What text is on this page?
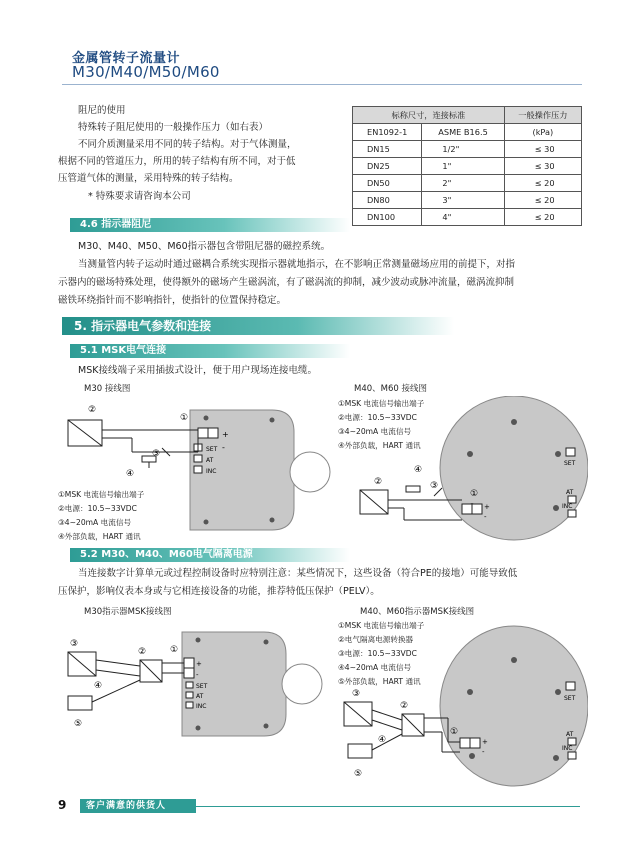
金属管转子流量计
M30/M40/M50/M60
阻尼的使用
特殊转子阻尼使用的一般操作压力（如右表）
不同介质测量采用不同的转子结构。对于气体测量，
根据不同的管道压力，所用的转子结构有所不同，对于低
压管道气体的测量，采用特殊的转子结构。
* 特殊要求请咨询本公司
标称尺寸，连接标准		一般操作压力
EN1092-1	ASME B16.5	(kPa)
DN15	1/2"	≤ 30
DN25	1"	≤ 30
DN50	2"	≤ 20
DN80	3"	≤ 20
DN100	4"	≤ 20
4.6 指示器阻尼
M30、M40、M50、M60指示器包含带阻尼器的磁控系统。
当测量管内转子运动时通过磁耦合系统实现指示器就地指示，在不影响正常测量磁场应用的前提下，对指
示器内的磁场特殊处理，使得额外的磁场产生磁涡流，有了磁涡流的抑制，减少波动或脉冲流量，磁涡流抑制
磁铁环绕指针而不影响指针，使指针的位置保持稳定。
5. 指示器电气参数和连接
5.1 MSK电气连接
MSK接线端子采用插拔式设计，便于用户现场连接电缆。
M30 接线图	M40、M60 接线图
+
-
SET
AT
INC
②
①
③
④
①MSK 电流信号输出端子
②电源：10.5~33VDC
③4~20mA 电流信号
④外部负载，HART 通讯
①MSK 电流信号输出端子
②电源：10.5~33VDC
③4~20mA 电流信号
④外部负载，HART 通讯
SET
AT
INC
+
-
②
④
③
①
5.2 M30、M40、M60电气隔离电源
当连接数字计算单元或过程控制设备时应特别注意：某些情况下，这些设备（符合PE的接地）可能导致低
压保护，影响仪表本身或与它相连接设备的功能，推荐特低压保护（PELV）。
M30指示器MSK接线图	M40、M60指示器MSK接线图
①MSK 电流信号输出端子
②电气隔离电源转换器
③电源：10.5~33VDC
④4~20mA 电流信号
⑤外部负载，HART 通讯
+
-
SET
AT
INC
③
②	①
④
⑤
SET
AT
INC
+
-
③
②
①
④
⑤
9	客户满意的供货人
